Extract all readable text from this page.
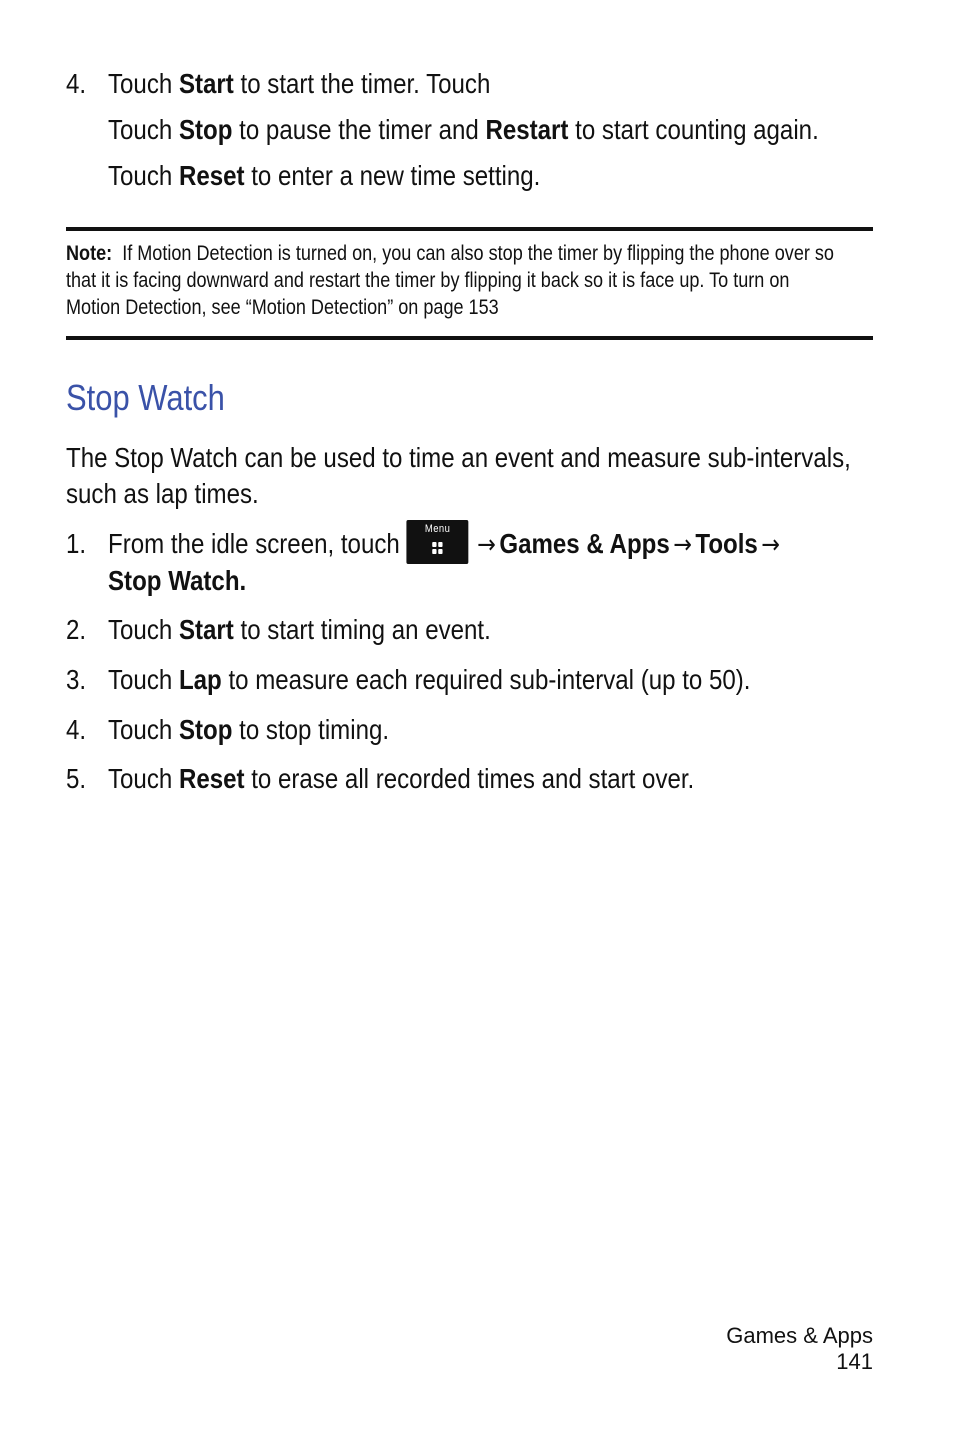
4. Touch Start to start the timer. Touch
Touch Stop to pause the timer and Restart to start counting again.
Touch Reset to enter a new time setting.
Note: If Motion Detection is turned on, you can also stop the timer by flipping the phone over so
that it is facing downward and restart the timer by flipping it back so it is face up. To turn on
Motion Detection, see “Motion Detection” on page 153
Stop Watch
The Stop Watch can be used to time an event and measure sub-intervals,
such as lap times.
1. From the idle screen, touch	Menu
→ Games & Apps → Tools →
Stop Watch.
2. Touch Start to start timing an event.
3. Touch Lap to measure each required sub-interval (up to 50).
4. Touch Stop to stop timing.
5. Touch Reset to erase all recorded times and start over.
Games & Apps
141
